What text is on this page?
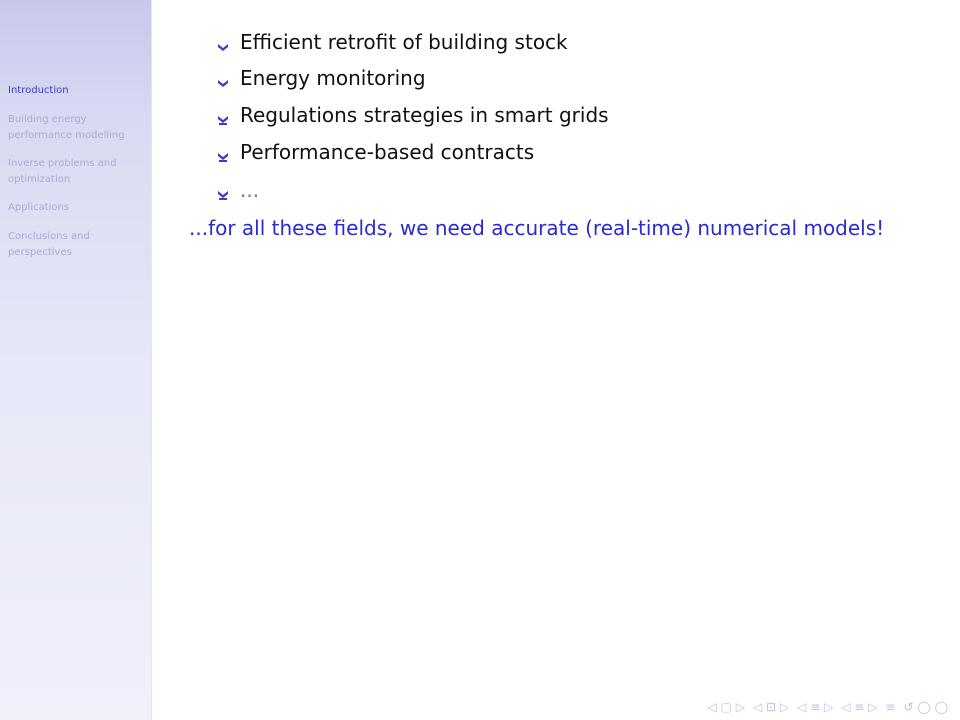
Introduction
Building energy performance modelling
Inverse problems and optimization
Applications
Conclusions and perspectives
Efficient retrofit of building stock
Energy monitoring
Regulations strategies in smart grids
Performance-based contracts
...
...for all these fields, we need accurate (real-time) numerical models!
◁ ▢ ▷ ◁ ⊡ ▷ ◁ ≡ ▷ ◁ ≡ ▷ ≡ ↺ ◯ ◯
